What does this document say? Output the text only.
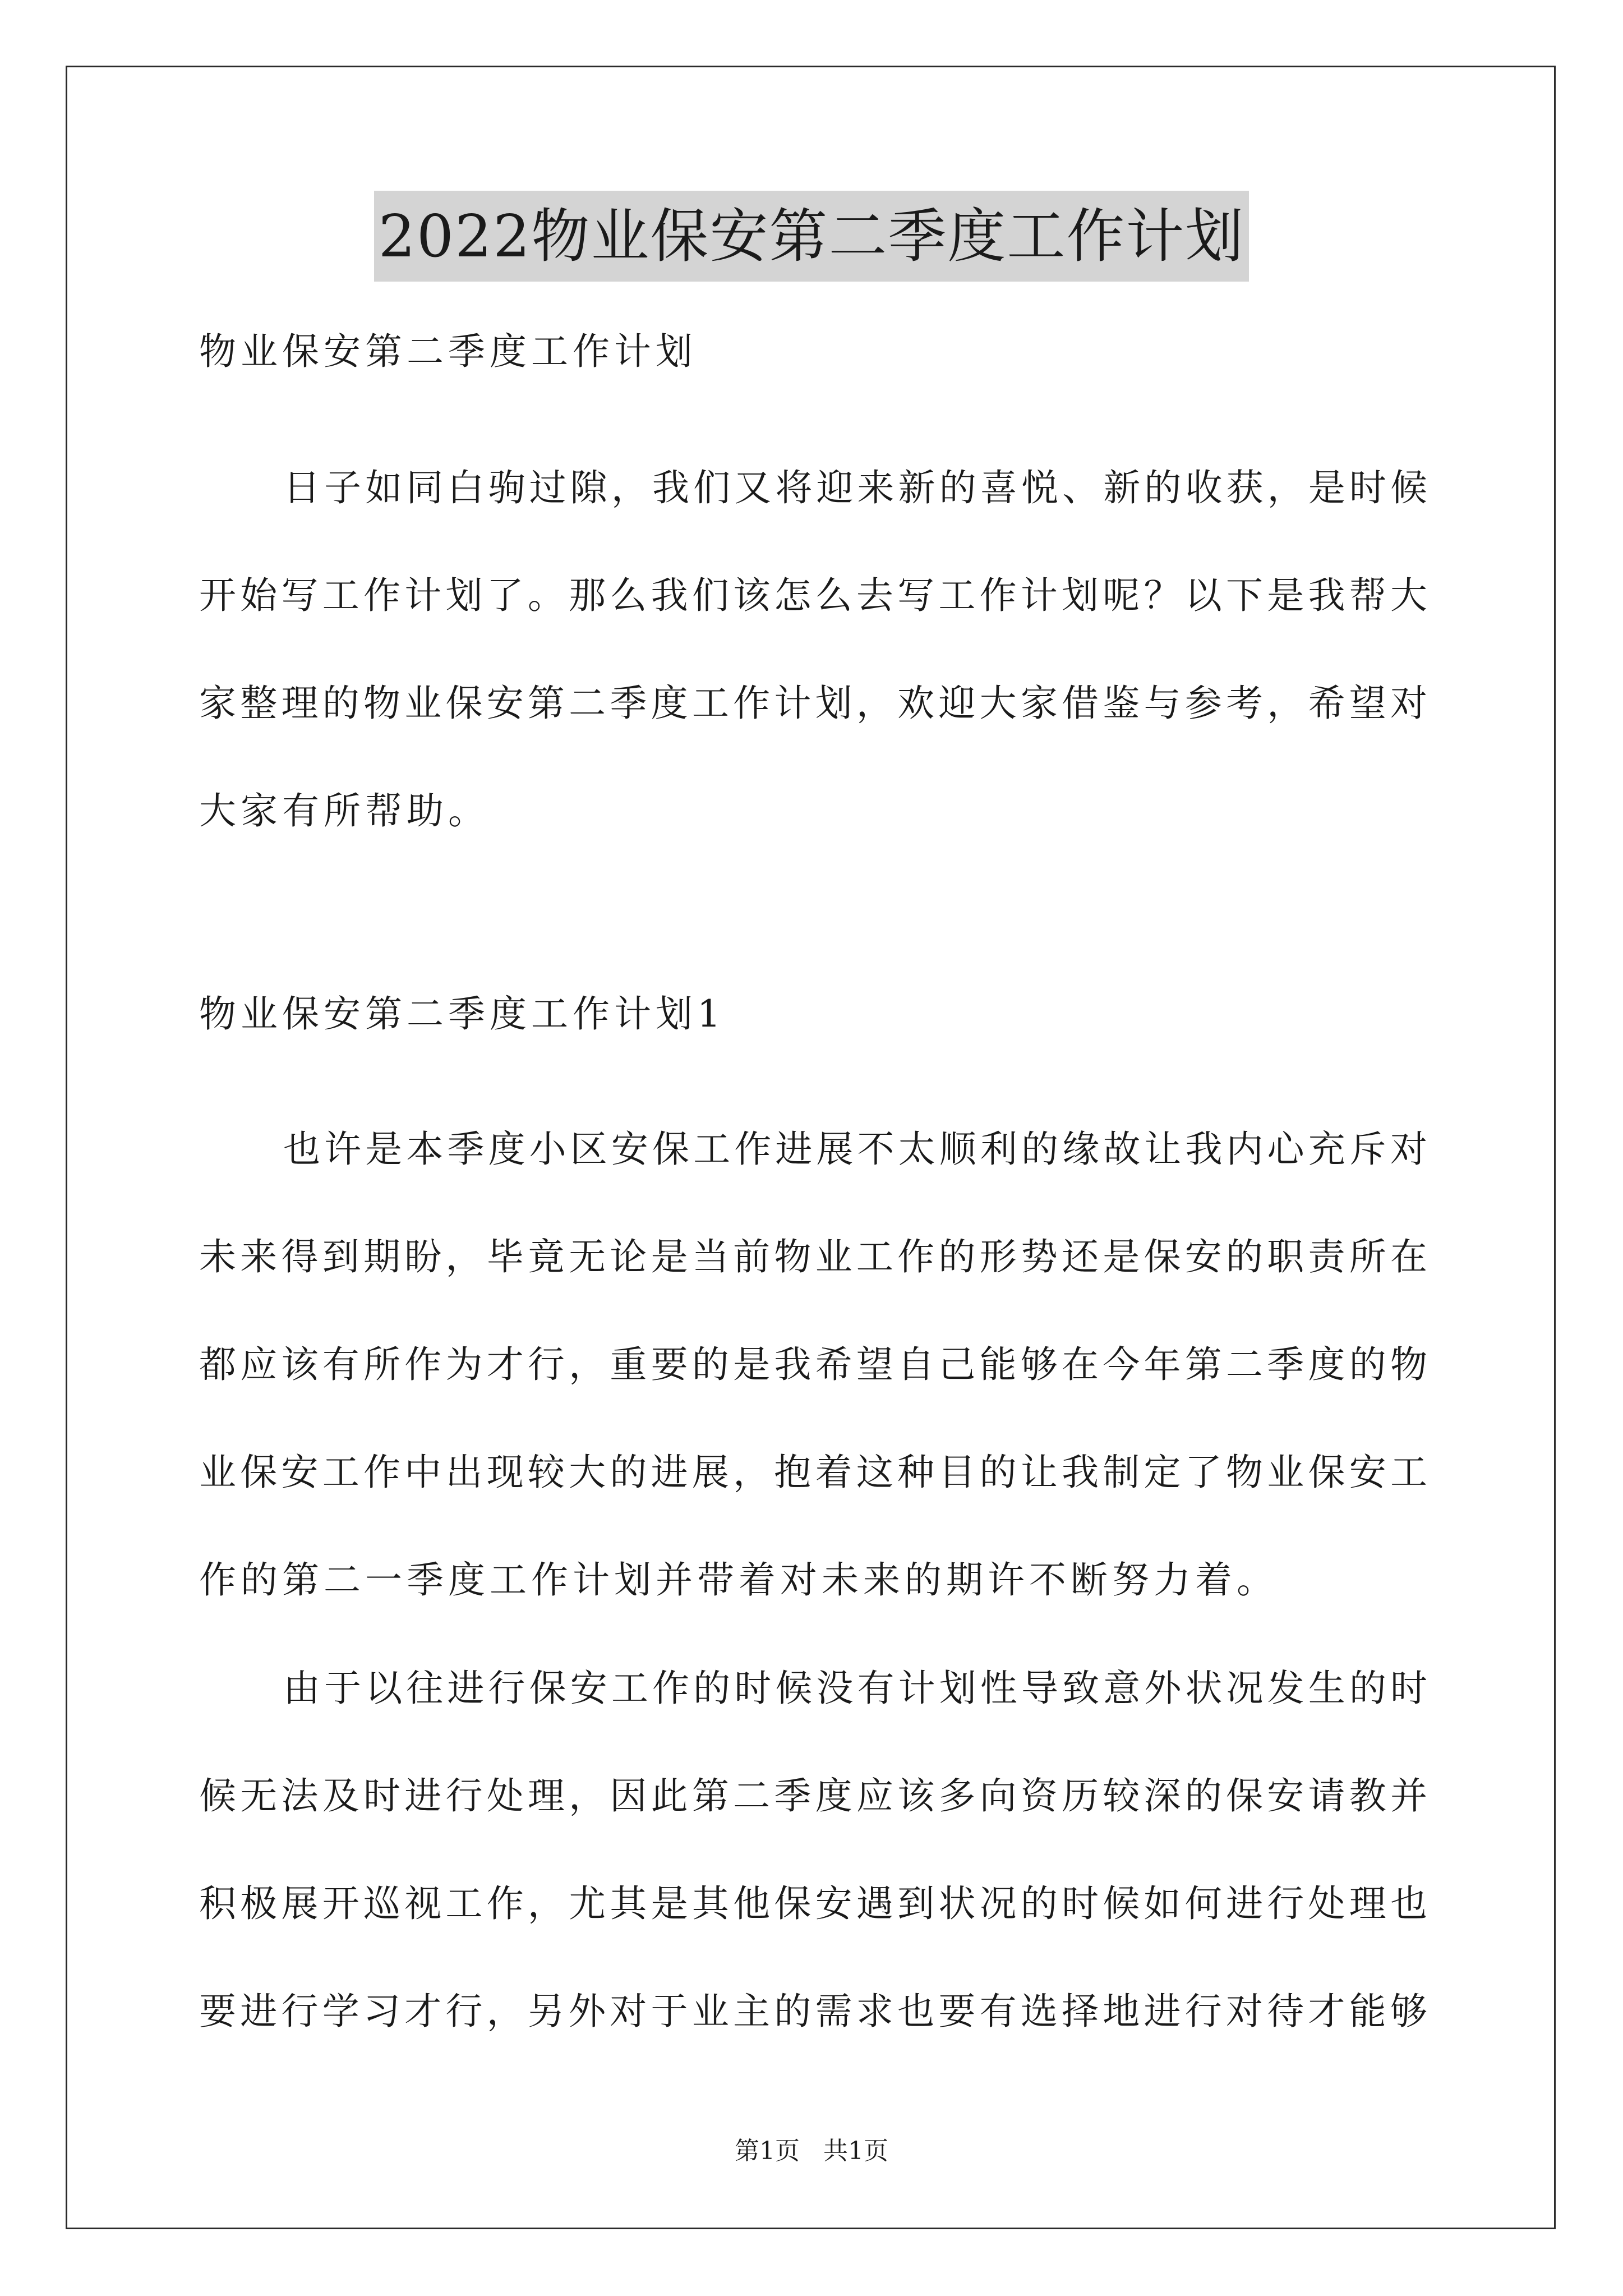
2022物业保安第二季度工作计划

物业保安第二季度工作计划

日子如同白驹过隙，我们又将迎来新的喜悦、新的收获，是时候

开始写工作计划了。那么我们该怎么去写工作计划呢？以下是我帮大

家整理的物业保安第二季度工作计划，欢迎大家借鉴与参考，希望对

大家有所帮助。

物业保安第二季度工作计划1

也许是本季度小区安保工作进展不太顺利的缘故让我内心充斥对

未来得到期盼，毕竟无论是当前物业工作的形势还是保安的职责所在

都应该有所作为才行，重要的是我希望自己能够在今年第二季度的物

业保安工作中出现较大的进展，抱着这种目的让我制定了物业保安工

作的第二一季度工作计划并带着对未来的期许不断努力着。

由于以往进行保安工作的时候没有计划性导致意外状况发生的时

候无法及时进行处理，因此第二季度应该多向资历较深的保安请教并

积极展开巡视工作，尤其是其他保安遇到状况的时候如何进行处理也

要进行学习才行，另外对于业主的需求也要有选择地进行对待才能够

第1页   共1页
